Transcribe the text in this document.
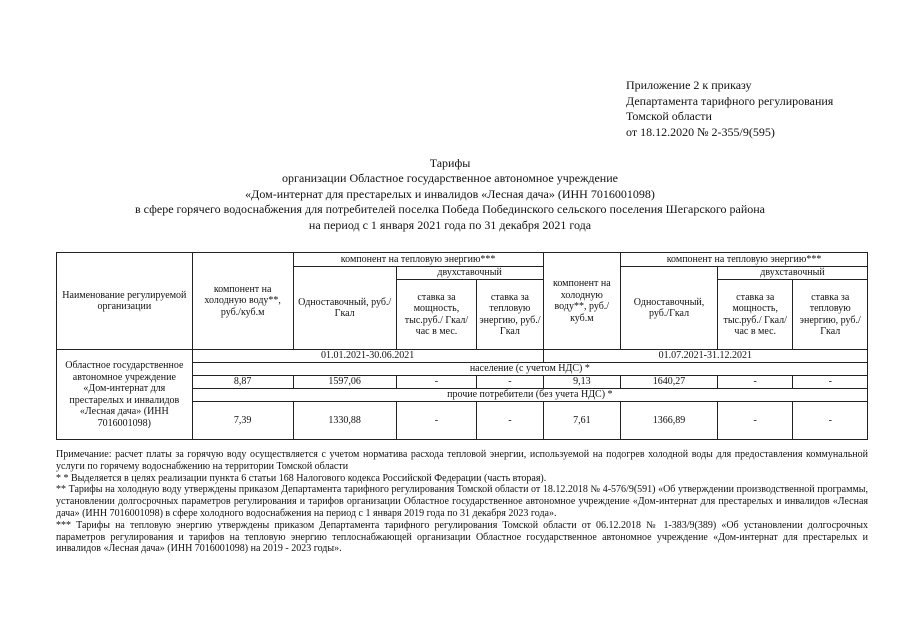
Приложение 2 к приказу
Департамента тарифного регулирования
Томской области
от 18.12.2020 № 2-355/9(595)
Тарифы
организации Областное государственное автономное учреждение
«Дом-интернат для престарелых и инвалидов «Лесная дача» (ИНН 7016001098)
в сфере горячего водоснабжения для потребителей поселка Победа Побединского сельского поселения Шегарского района
на период с 1 января 2021 года по 31 декабря 2021 года
Наименование регулируемой организации	компонент на холодную воду**, руб./куб.м	компонент на тепловую энергию***			компонент на холодную воду**, руб./куб.м	компонент на тепловую энергию***		
		Одноставочный, руб./Гкал	двухставочный			Одноставочный, руб./Гкал	двухставочный	
			ставка за мощность, тыс.руб./ Гкал/час в мес.	ставка за тепловую энергию, руб./Гкал			ставка за мощность, тыс.руб./ Гкал/час в мес.	ставка за тепловую энергию, руб./Гкал
Областное государственное автономное учреждение «Дом-интернат для престарелых и инвалидов «Лесная дача» (ИНН 7016001098)	01.01.2021-30.06.2021				01.07.2021-31.12.2021			
	население (с учетом НДС) *							
	8,87	1597,06	-	-	9,13	1640,27	-	-
	прочие потребители (без учета НДС) *							
	7,39	1330,88	-	-	7,61	1366,89	-	-

Примечание: расчет платы за горячую воду осуществляется с учетом норматива расхода тепловой энергии, используемой на подогрев холодной воды для предоставления коммунальной услуги по горячему водоснабжению на территории Томской области

* * Выделяется в целях реализации пункта 6 статьи 168 Налогового кодекса Российской Федерации (часть вторая).

** Тарифы на холодную воду утверждены приказом Департамента тарифного регулирования Томской области от 18.12.2018 № 4-576/9(591) «Об утверждении производственной программы, установлении долгосрочных параметров регулирования и тарифов организации Областное государственное автономное учреждение «Дом-интернат для престарелых и инвалидов «Лесная дача» (ИНН 7016001098) в сфере холодного водоснабжения на период с 1 января 2019 года по 31 декабря 2023 года».

*** Тарифы на тепловую энергию утверждены приказом Департамента тарифного регулирования Томской области от 06.12.2018 № 1-383/9(389) «Об установлении долгосрочных параметров регулирования и тарифов на тепловую энергию теплоснабжающей организации Областное государственное автономное учреждение «Дом-интернат для престарелых и инвалидов «Лесная дача» (ИНН 7016001098) на 2019 - 2023 годы».
